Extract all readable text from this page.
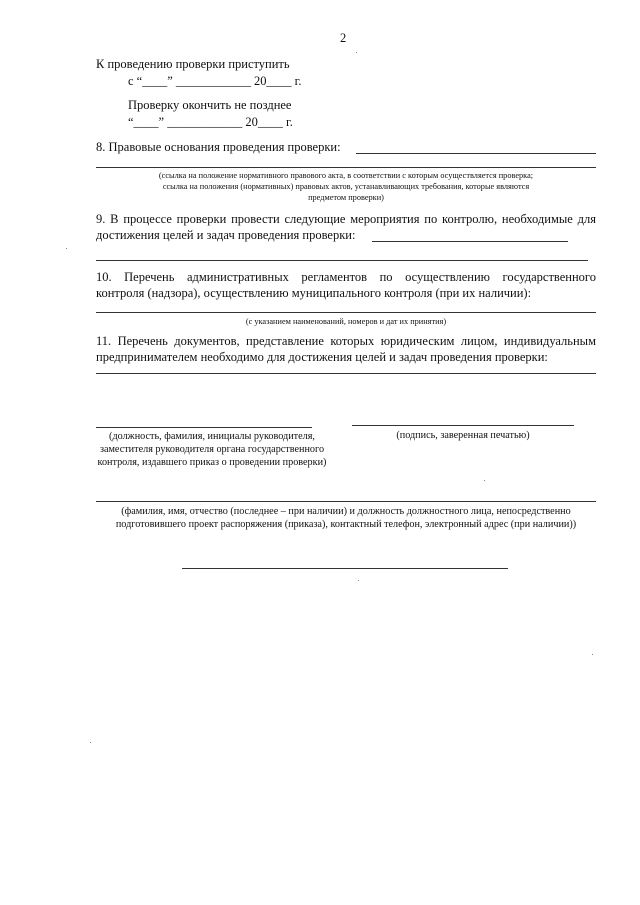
2
К проведению проверки приступить
с “____” ____________ 20____ г.
Проверку окончить не позднее
“____” ____________ 20____ г.
8. Правовые основания проведения проверки:
(ссылка на положение нормативного правового акта, в соответствии с которым осуществляется проверка;
ссылка на положения (нормативных) правовых актов, устанавливающих требования, которые являются
предметом проверки)
9. В процессе проверки провести следующие мероприятия по контролю, необходимые для
достижения целей и задач проведения проверки:
10. Перечень административных регламентов по осуществлению государственного
контроля (надзора), осуществлению муниципального контроля (при их наличии):
(с указанием наименований, номеров и дат их принятия)
11. Перечень документов, представление которых юридическим лицом, индивидуальным
предпринимателем необходимо для достижения целей и задач проведения проверки:
(должность, фамилия, инициалы руководителя,
заместителя руководителя органа государственного
контроля, издавшего приказ о проведении проверки)
(подпись, заверенная печатью)
(фамилия, имя, отчество (последнее – при наличии) и должность должностного лица, непосредственно
подготовившего проект распоряжения (приказа), контактный телефон, электронный адрес (при наличии))
